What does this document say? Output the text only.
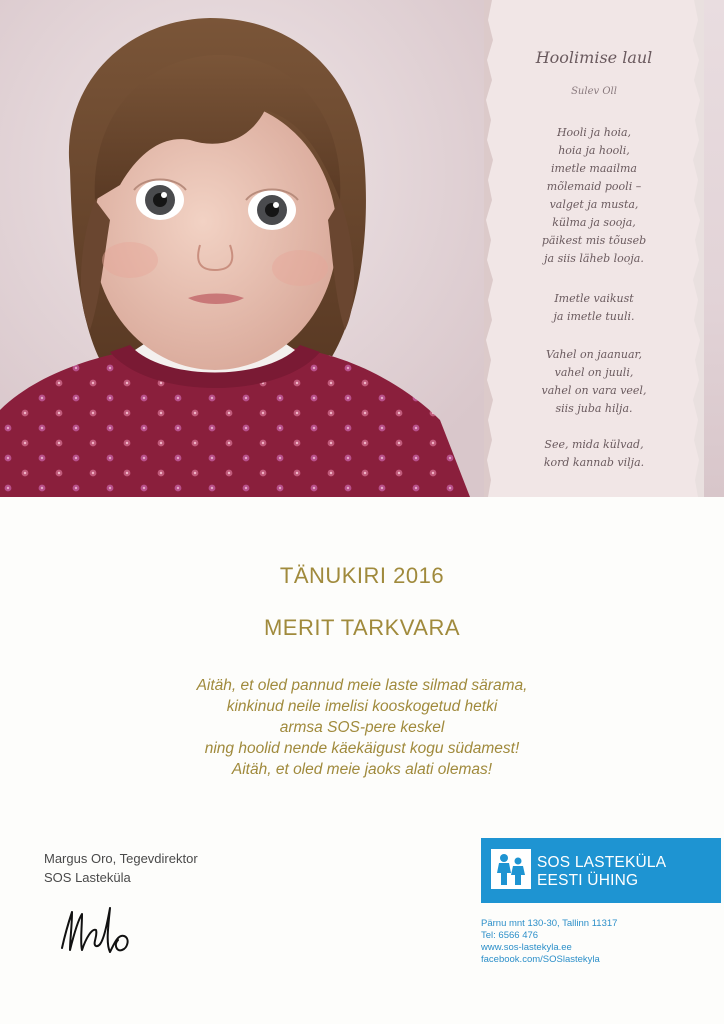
Hoolimise laul
Sulev Oll
Hooli ja hoia,
hoia ja hooli,
imetle maailma
mõlemaid pooli –
valget ja musta,
külma ja sooja,
päikest mis tõuseb
ja siis läheb looja.
Imetle vaikust
ja imetle tuuli.
Vahel on jaanuar,
vahel on juuli,
vahel on vara veel,
siis juba hilja.
See, mida külvad,
kord kannab vilja.
TÄNUKIRI 2016
MERIT TARKVARA
Aitäh, et oled pannud meie laste silmad särama,
kinkinud neile imelisi kooskogetud hetki
armsa SOS-pere keskel
ning hoolid nende käekäigust kogu südamest!
Aitäh, et oled meie jaoks alati olemas!
Margus Oro, Tegevdirektor
SOS Lasteküla
SOS LASTEKÜLA
EESTI ÜHING
Pärnu mnt 130-30, Tallinn 11317
Tel: 6566 476
www.sos-lastekyla.ee
facebook.com/SOSlastekyla
